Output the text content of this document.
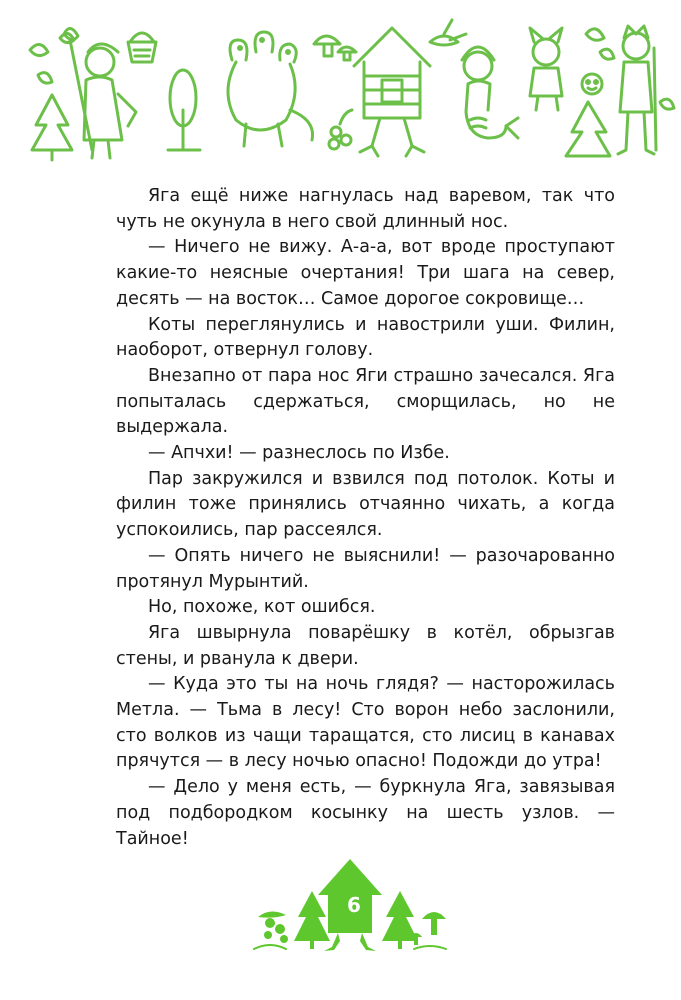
Яга ещё ниже нагнулась над варевом, так что чуть не окунула в него свой длинный нос.

— Ничего не вижу. А-а-а, вот вроде проступают какие-то неясные очертания! Три шага на север, десять — на восток… Самое дорогое сокровище…

Коты переглянулись и навострили уши. Филин, наоборот, отвернул голову.

Внезапно от пара нос Яги страшно зачесался. Яга попыталась сдержаться, сморщилась, но не выдержала.

— Апчхи! — разнеслось по Избе.

Пар закружился и взвился под потолок. Коты и филин тоже принялись отчаянно чихать, а когда успокоились, пар рассеялся.

— Опять ничего не выяснили! — разочарованно протянул Мурынтий.

Но, похоже, кот ошибся.

Яга швырнула поварёшку в котёл, обрызгав стены, и рванула к двери.

— Куда это ты на ночь глядя? — насторожилась Метла. — Тьма в лесу! Сто ворон небо заслонили, сто волков из чащи таращатся, сто лисиц в канавах прячутся — в лесу ночью опасно! Подожди до утра!

— Дело у меня есть, — буркнула Яга, завязывая под подбородком косынку на шесть узлов. — Тайное!

6
